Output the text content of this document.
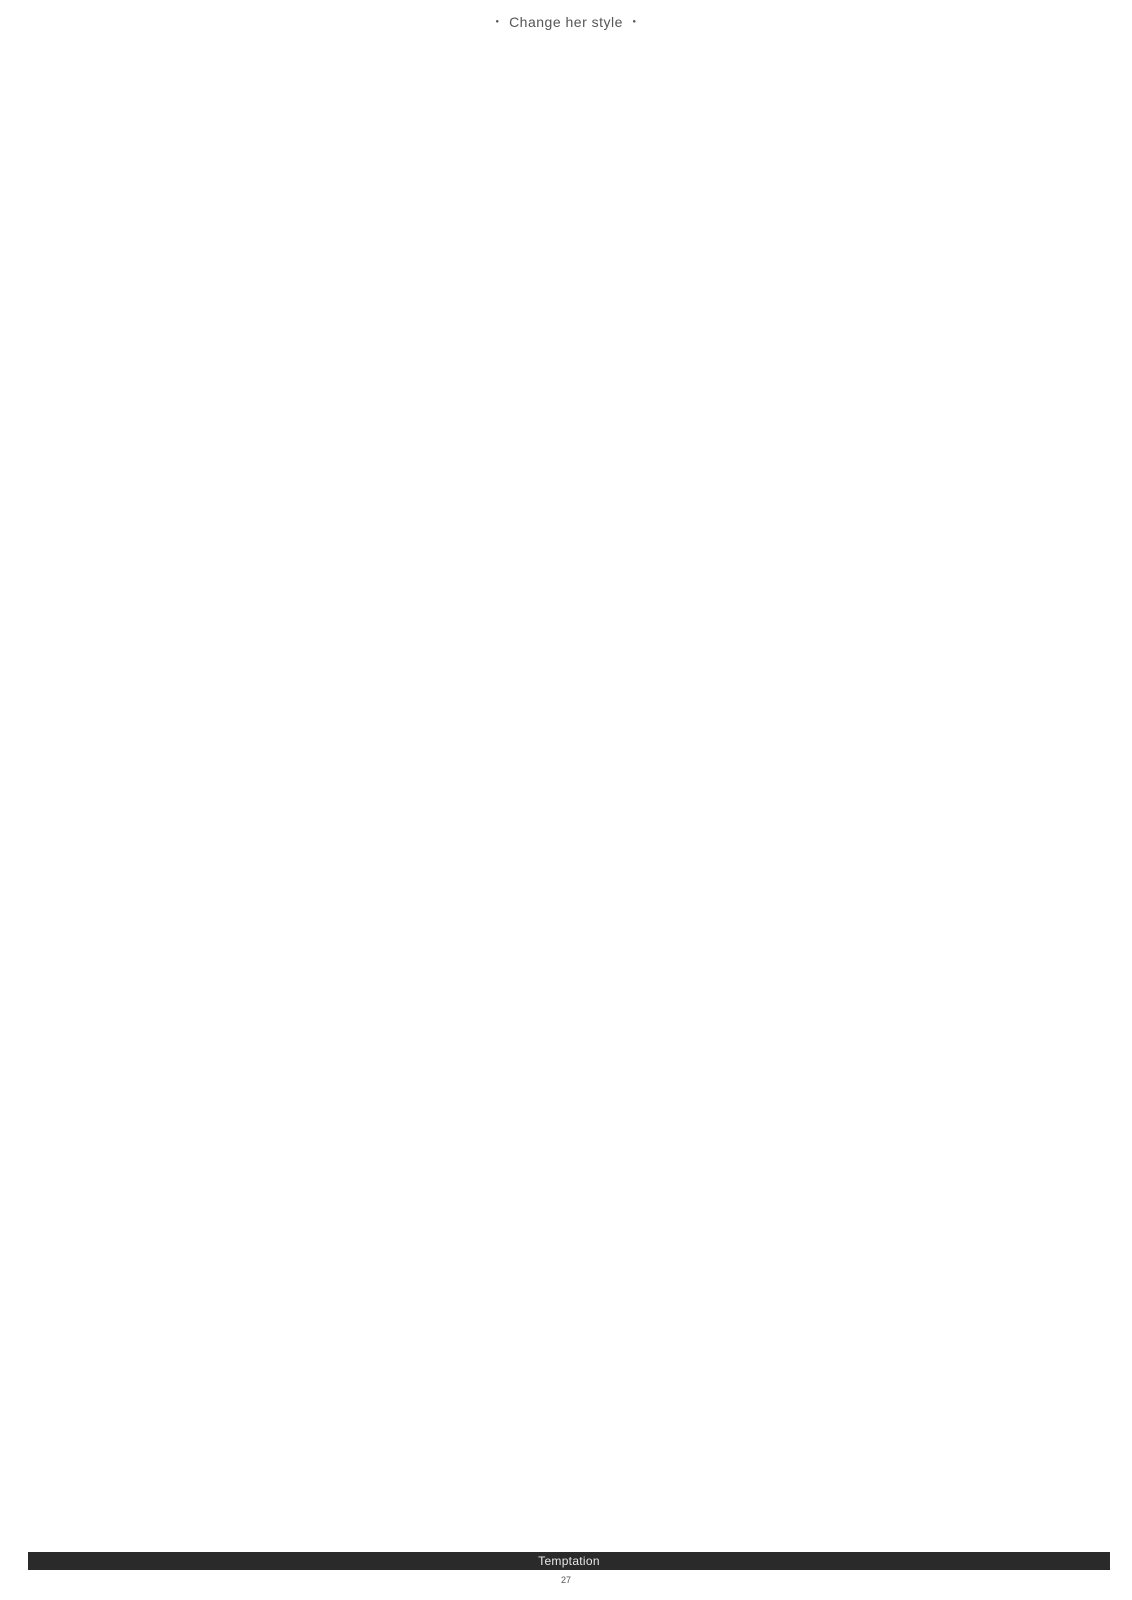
・ Change her style ・
Temptation
27
